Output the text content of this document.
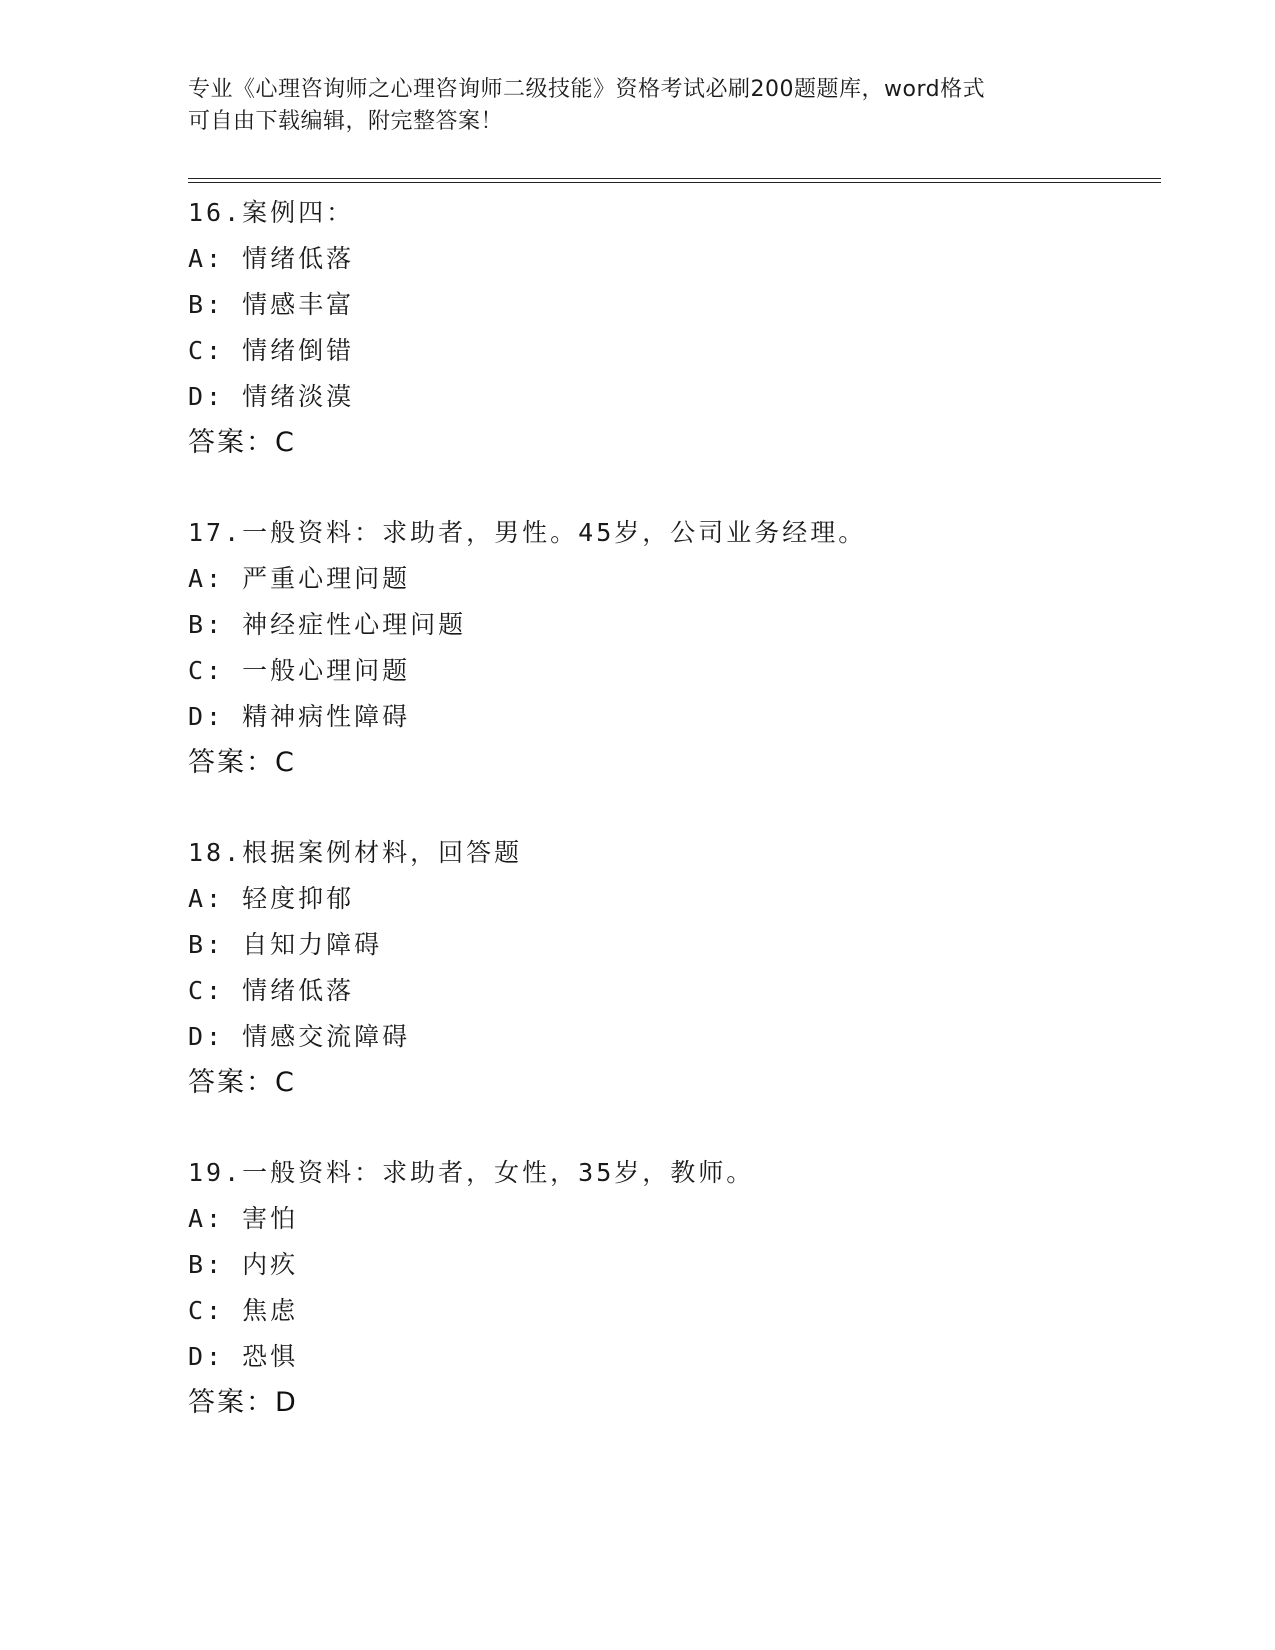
专业《心理咨询师之心理咨询师二级技能》资格考试必刷200题题库，word格式
可自由下载编辑，附完整答案！
16.案例四：
A: 情绪低落
B: 情感丰富
C: 情绪倒错
D: 情绪淡漠
答案：C
17.一般资料：求助者，男性。45岁，公司业务经理。
A: 严重心理问题
B: 神经症性心理问题
C: 一般心理问题
D: 精神病性障碍
答案：C
18.根据案例材料，回答题
A: 轻度抑郁
B: 自知力障碍
C: 情绪低落
D: 情感交流障碍
答案：C
19.一般资料：求助者，女性，35岁，教师。
A: 害怕
B: 内疚
C: 焦虑
D: 恐惧
答案：D
